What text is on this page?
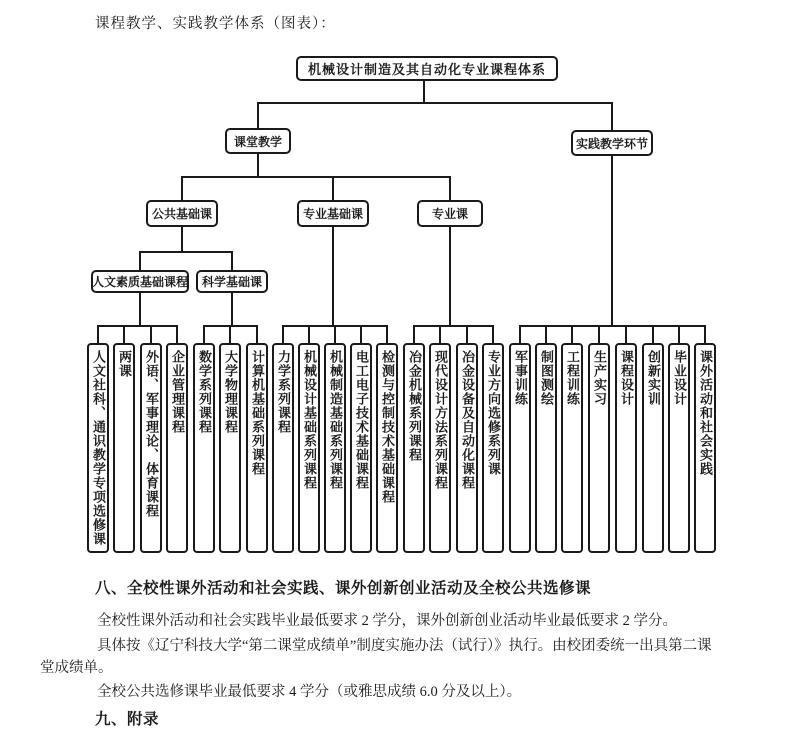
课程教学、实践教学体系（图表）：

机械设计制造及其自动化专业课程体系
课堂教学	实践教学环节
公共基础课	专业基础课	专业课
人文素质基础课程	科学基础课
人文社科、通识教学专项选修课 两课 外语、军事理论、体育课程 企业管理课程 数学系列课程 大学物理课程 计算机基础系列课程 力学系列课程 机械设计基础系列课程 机械制造基础系列课程 电工电子技术基础课程 检测与控制技术基础课程 冶金机械系列课程 现代设计方法系列课程 冶金设备及自动化课程 专业方向选修系列课 军事训练 制图测绘 工程训练 生产实习 课程设计 创新实训 毕业设计 课外活动和社会实践
八、全校性课外活动和社会实践、课外创新创业活动及全校公共选修课

全校性课外活动和社会实践毕业最低要求 2 学分，课外创新创业活动毕业最低要求 2 学分。

具体按《辽宁科技大学“第二课堂成绩单”制度实施办法（试行）》执行。由校团委统一出具第二课

堂成绩单。

全校公共选修课毕业最低要求 4 学分（或雅思成绩 6.0 分及以上）。

九、附录
